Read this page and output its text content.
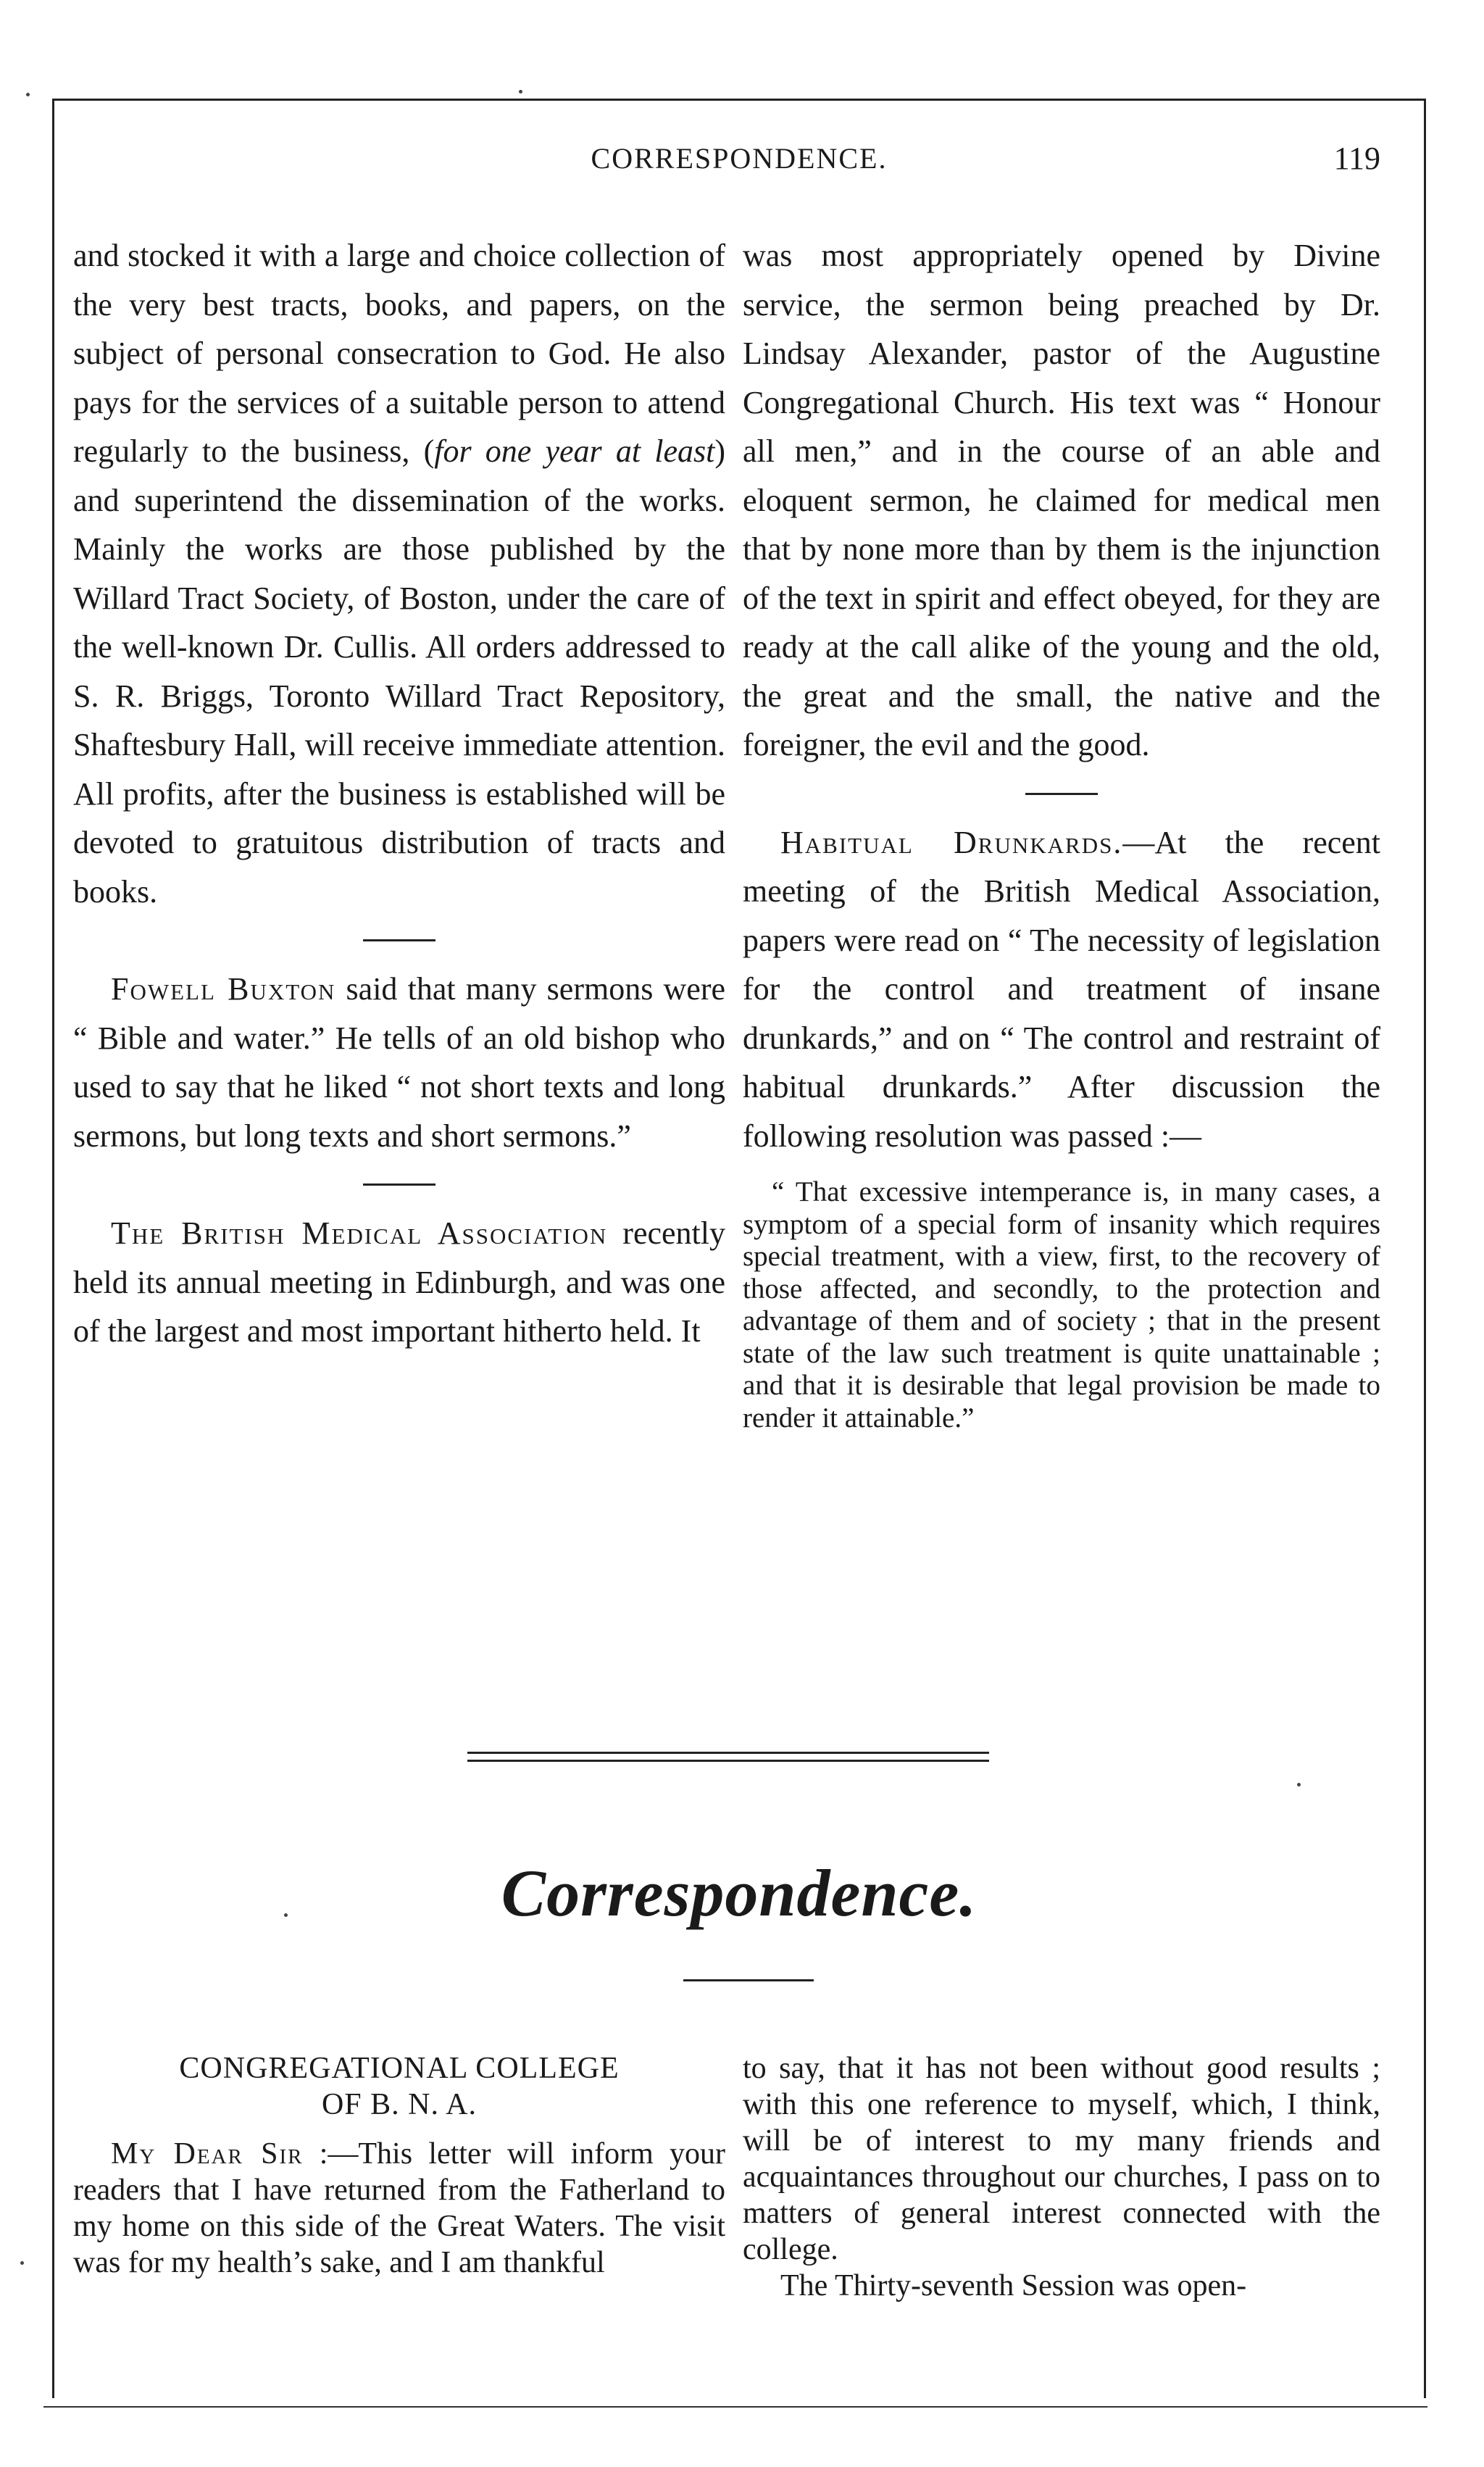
CORRESPONDENCE.	119

and stocked it with a large and choice collection of the very best tracts, books, and papers, on the subject of personal consecration to God. He also pays for the services of a suitable person to attend regularly to the business, (for one year at least) and superintend the dissemination of the works. Mainly the works are those published by the Willard Tract Society, of Boston, under the care of the well-known Dr. Cullis. All orders addressed to S. R. Briggs, Toronto Willard Tract Repository, Shaftesbury Hall, will receive immediate attention. All profits, after the business is established will be devoted to gratuitous distribution of tracts and books.

Fowell Buxton said that many sermons were “ Bible and water.” He tells of an old bishop who used to say that he liked “ not short texts and long sermons, but long texts and short sermons.”

The British Medical Association recently held its annual meeting in Edinburgh, and was one of the largest and most important hitherto held. It

was most appropriately opened by Divine service, the sermon being preached by Dr. Lindsay Alexander, pastor of the Augustine Congregational Church. His text was “ Honour all men,” and in the course of an able and eloquent sermon, he claimed for medical men that by none more than by them is the injunction of the text in spirit and effect obeyed, for they are ready at the call alike of the young and the old, the great and the small, the native and the foreigner, the evil and the good.

Habitual Drunkards.—At the recent meeting of the British Medical Association, papers were read on “ The necessity of legislation for the control and treatment of insane drunkards,” and on “ The control and restraint of habitual drunkards.” After discussion the following resolution was passed :—

“ That excessive intemperance is, in many cases, a symptom of a special form of insanity which requires special treatment, with a view, first, to the recovery of those affected, and secondly, to the protection and advantage of them and of society ; that in the present state of the law such treatment is quite unattainable ; and that it is desirable that legal provision be made to render it attainable.”

Correspondence.

CONGREGATIONAL COLLEGE

OF B. N. A.

My Dear Sir :—This letter will inform your readers that I have returned from the Fatherland to my home on this side of the Great Waters. The visit was for my health’s sake, and I am thankful

to say, that it has not been without good results ; with this one reference to myself, which, I think, will be of interest to my many friends and acquaintances throughout our churches, I pass on to matters of general interest connected with the college.

The Thirty-seventh Session was open-
